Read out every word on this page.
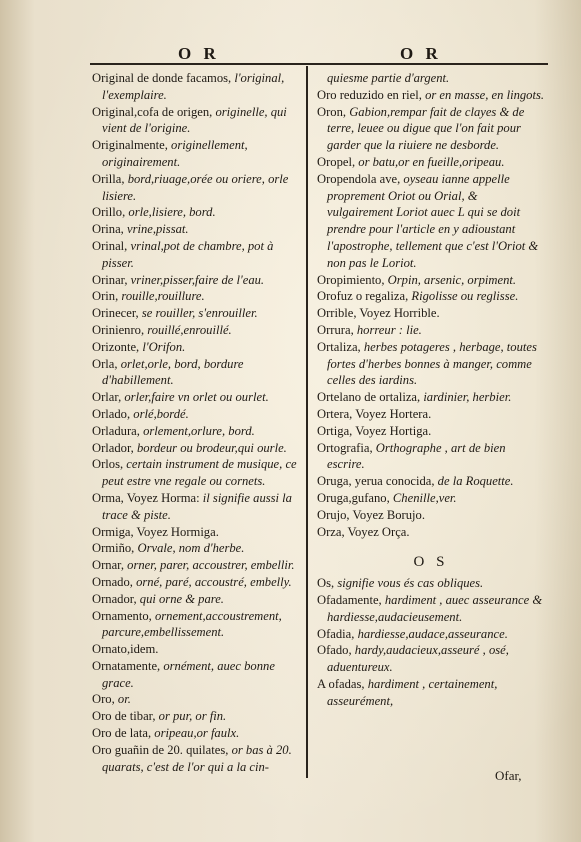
O R	O R

Original de donde facamos, l'original, l'exemplaire.

Original,cofa de origen, originelle, qui vient de l'origine.

Originalmente, originellement, originairement.

Orilla, bord,riuage,orée ou oriere, orle lisiere.

Orillo, orle,lisiere, bord.

Orina, vrine,pissat.

Orinal, vrinal,pot de chambre, pot à pisser.

Orinar, vriner,pisser,faire de l'eau.

Orin, rouille,rouillure.

Orinecer, se rouiller, s'enrouiller.

Orinienro, rouillé,enrouillé.

Orizonte, l'Orifon.

Orla, orlet,orle, bord, bordure d'habillement.

Orlar, orler,faire vn orlet ou ourlet.

Orlado, orlé,bordé.

Orladura, orlement,orlure, bord.

Orlador, bordeur ou brodeur,qui ourle.

Orlos, certain instrument de musique, ce peut estre vne regale ou cornets.

Orma, Voyez Horma: il signifie aussi la trace & piste.

Ormiga, Voyez Hormiga.

Ormiño, Orvale, nom d'herbe.

Ornar, orner, parer, accoustrer, embellir.

Ornado, orné, paré, accoustré, embelly.

Ornador, qui orne & pare.

Ornamento, ornement,accoustrement, parcure,embellissement.

Ornato,idem.

Ornatamente, ornément, auec bonne grace.

Oro, or.

Oro de tibar, or pur, or fin.

Oro de lata, oripeau,or faulx.

Oro guañin de 20. quilates, or bas à 20. quarats, c'est de l'or qui a la cin-

quiesme partie d'argent.

Oro reduzido en riel, or en masse, en lingots.

Oron, Gabion,rempar fait de clayes & de terre, leuee ou digue que l'on fait pour garder que la riuiere ne desborde.

Oropel, or batu,or en fueille,oripeau.

Oropendola ave, oyseau ianne appelle proprement Oriot ou Orial, & vulgairement Loriot auec L qui se doit prendre pour l'article en y adioustant l'apostrophe, tellement que c'est l'Oriot & non pas le Loriot.

Oropimiento, Orpin, arsenic, orpiment.

Orofuz o regaliza, Rigolisse ou reglisse.

Orrible, Voyez Horrible.

Orrura, horreur : lie.

Ortaliza, herbes potageres , herbage, toutes fortes d'herbes bonnes à manger, comme celles des iardins.

Ortelano de ortaliza, iardinier, herbier.

Ortera, Voyez Hortera.

Ortiga, Voyez Hortiga.

Ortografia, Orthographe , art de bien escrire.

Oruga, yerua conocida, de la Roquette.

Oruga,gufano, Chenille,ver.

Orujo, Voyez Borujo.

Orza, Voyez Orça.

O S

Os, signifie vous és cas obliques.

Ofadamente, hardiment , auec asseurance & hardiesse,audacieusement.

Ofadia, hardiesse,audace,asseurance.

Ofado, hardy,audacieux,asseuré , osé, aduentureux.

A ofadas, hardiment , certainement, asseurément,

Ofar,
